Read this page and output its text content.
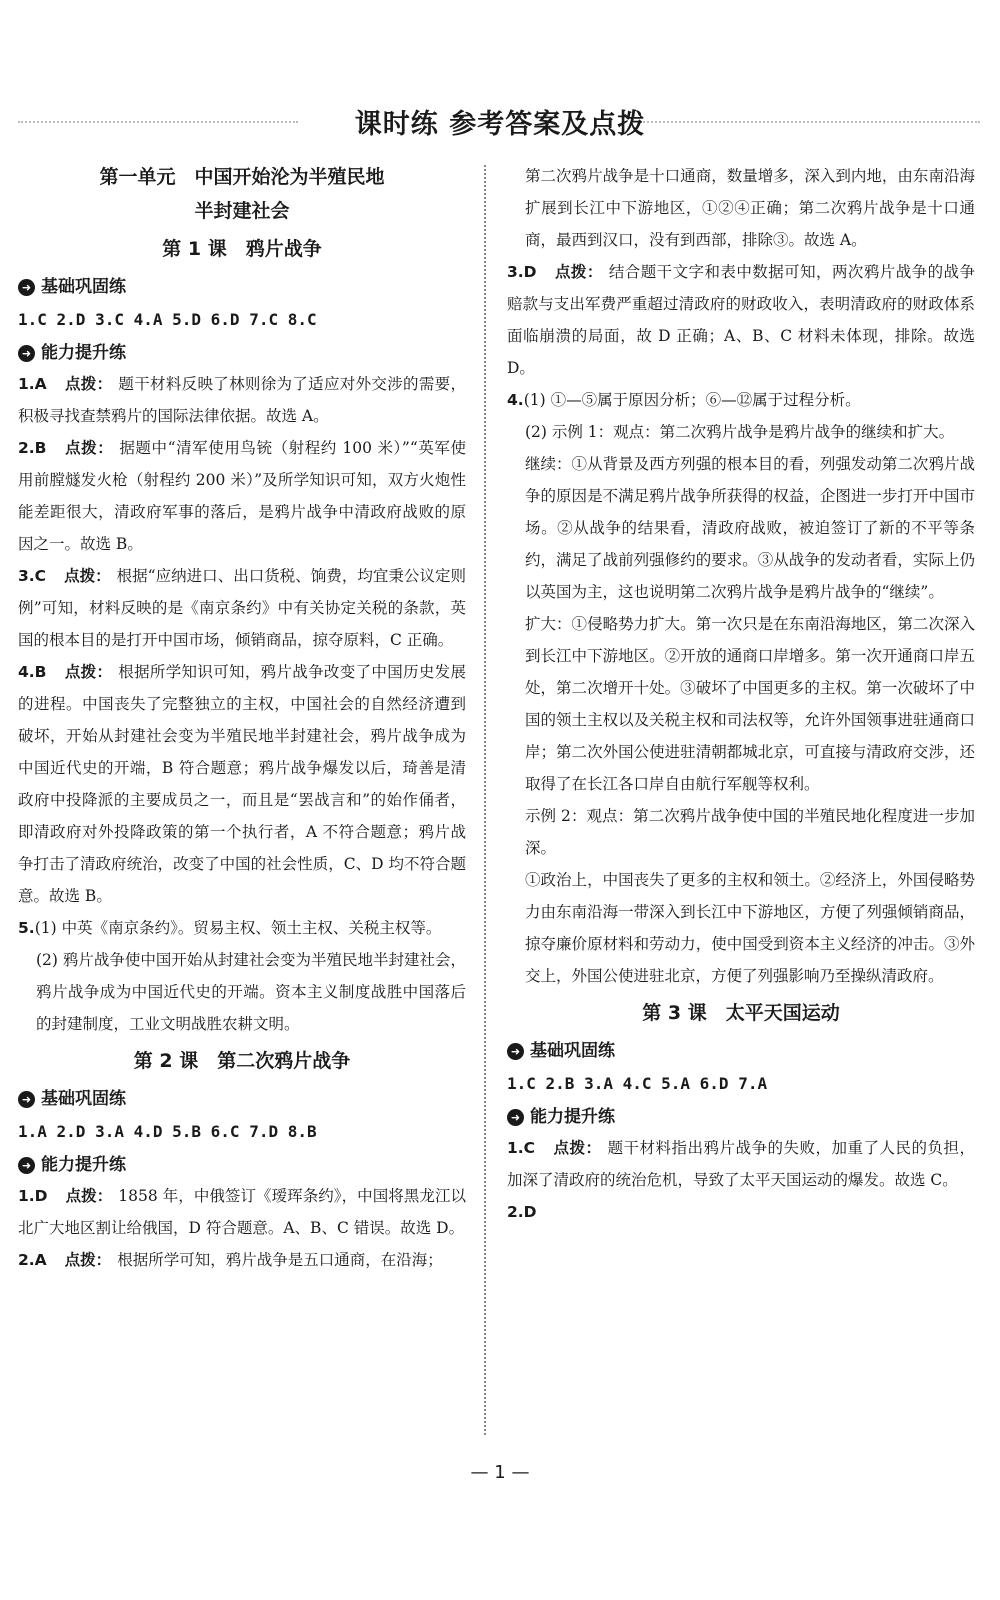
课时练 参考答案及点拨
第一单元　中国开始沦为半殖民地
半封建社会
第 1 课　鸦片战争
➜ 基础巩固练
1.C 2.D 3.C 4.A 5.D 6.D 7.C 8.C
➜ 能力提升练

1.A 点拨： 题干材料反映了林则徐为了适应对外交涉的需要，积极寻找查禁鸦片的国际法律依据。故选 A。

2.B 点拨： 据题中“清军使用鸟铳（射程约 100 米）”“英军使用前膛燧发火枪（射程约 200 米）”及所学知识可知，双方火炮性能差距很大，清政府军事的落后，是鸦片战争中清政府战败的原因之一。故选 B。

3.C 点拨： 根据“应纳进口、出口货税、饷费，均宜秉公议定则例”可知，材料反映的是《南京条约》中有关协定关税的条款，英国的根本目的是打开中国市场，倾销商品，掠夺原料，C 正确。

4.B 点拨： 根据所学知识可知，鸦片战争改变了中国历史发展的进程。中国丧失了完整独立的主权，中国社会的自然经济遭到破坏，开始从封建社会变为半殖民地半封建社会，鸦片战争成为中国近代史的开端，B 符合题意；鸦片战争爆发以后，琦善是清政府中投降派的主要成员之一，而且是“罢战言和”的始作俑者，即清政府对外投降政策的第一个执行者，A 不符合题意；鸦片战争打击了清政府统治，改变了中国的社会性质，C、D 均不符合题意。故选 B。

5.(1) 中英《南京条约》。贸易主权、领土主权、关税主权等。

(2) 鸦片战争使中国开始从封建社会变为半殖民地半封建社会，鸦片战争成为中国近代史的开端。资本主义制度战胜中国落后的封建制度，工业文明战胜农耕文明。

第 2 课　第二次鸦片战争
➜ 基础巩固练
1.A 2.D 3.A 4.D 5.B 6.C 7.D 8.B
➜ 能力提升练

1.D 点拨： 1858 年，中俄签订《瑷珲条约》，中国将黑龙江以北广大地区割让给俄国，D 符合题意。A、B、C 错误。故选 D。

2.A 点拨： 根据所学可知，鸦片战争是五口通商，在沿海；

第二次鸦片战争是十口通商，数量增多，深入到内地，由东南沿海扩展到长江中下游地区，①②④正确；第二次鸦片战争是十口通商，最西到汉口，没有到西部，排除③。故选 A。

3.D 点拨： 结合题干文字和表中数据可知，两次鸦片战争的战争赔款与支出军费严重超过清政府的财政收入，表明清政府的财政体系面临崩溃的局面，故 D 正确；A、B、C 材料未体现，排除。故选 D。

4.(1) ①—⑤属于原因分析；⑥—⑫属于过程分析。

(2) 示例 1：观点：第二次鸦片战争是鸦片战争的继续和扩大。

继续：①从背景及西方列强的根本目的看，列强发动第二次鸦片战争的原因是不满足鸦片战争所获得的权益，企图进一步打开中国市场。②从战争的结果看，清政府战败，被迫签订了新的不平等条约，满足了战前列强修约的要求。③从战争的发动者看，实际上仍以英国为主，这也说明第二次鸦片战争是鸦片战争的“继续”。

扩大：①侵略势力扩大。第一次只是在东南沿海地区，第二次深入到长江中下游地区。②开放的通商口岸增多。第一次开通商口岸五处，第二次增开十处。③破坏了中国更多的主权。第一次破坏了中国的领土主权以及关税主权和司法权等，允许外国领事进驻通商口岸；第二次外国公使进驻清朝都城北京，可直接与清政府交涉，还取得了在长江各口岸自由航行军舰等权利。

示例 2：观点：第二次鸦片战争使中国的半殖民地化程度进一步加深。

①政治上，中国丧失了更多的主权和领土。②经济上，外国侵略势力由东南沿海一带深入到长江中下游地区，方便了列强倾销商品，掠夺廉价原材料和劳动力，使中国受到资本主义经济的冲击。③外交上，外国公使进驻北京，方便了列强影响乃至操纵清政府。

第 3 课　太平天国运动
➜ 基础巩固练
1.C 2.B 3.A 4.C 5.A 6.D 7.A
➜ 能力提升练

1.C 点拨： 题干材料指出鸦片战争的失败，加重了人民的负担，加深了清政府的统治危机，导致了太平天国运动的爆发。故选 C。

2.D

— 1 —
